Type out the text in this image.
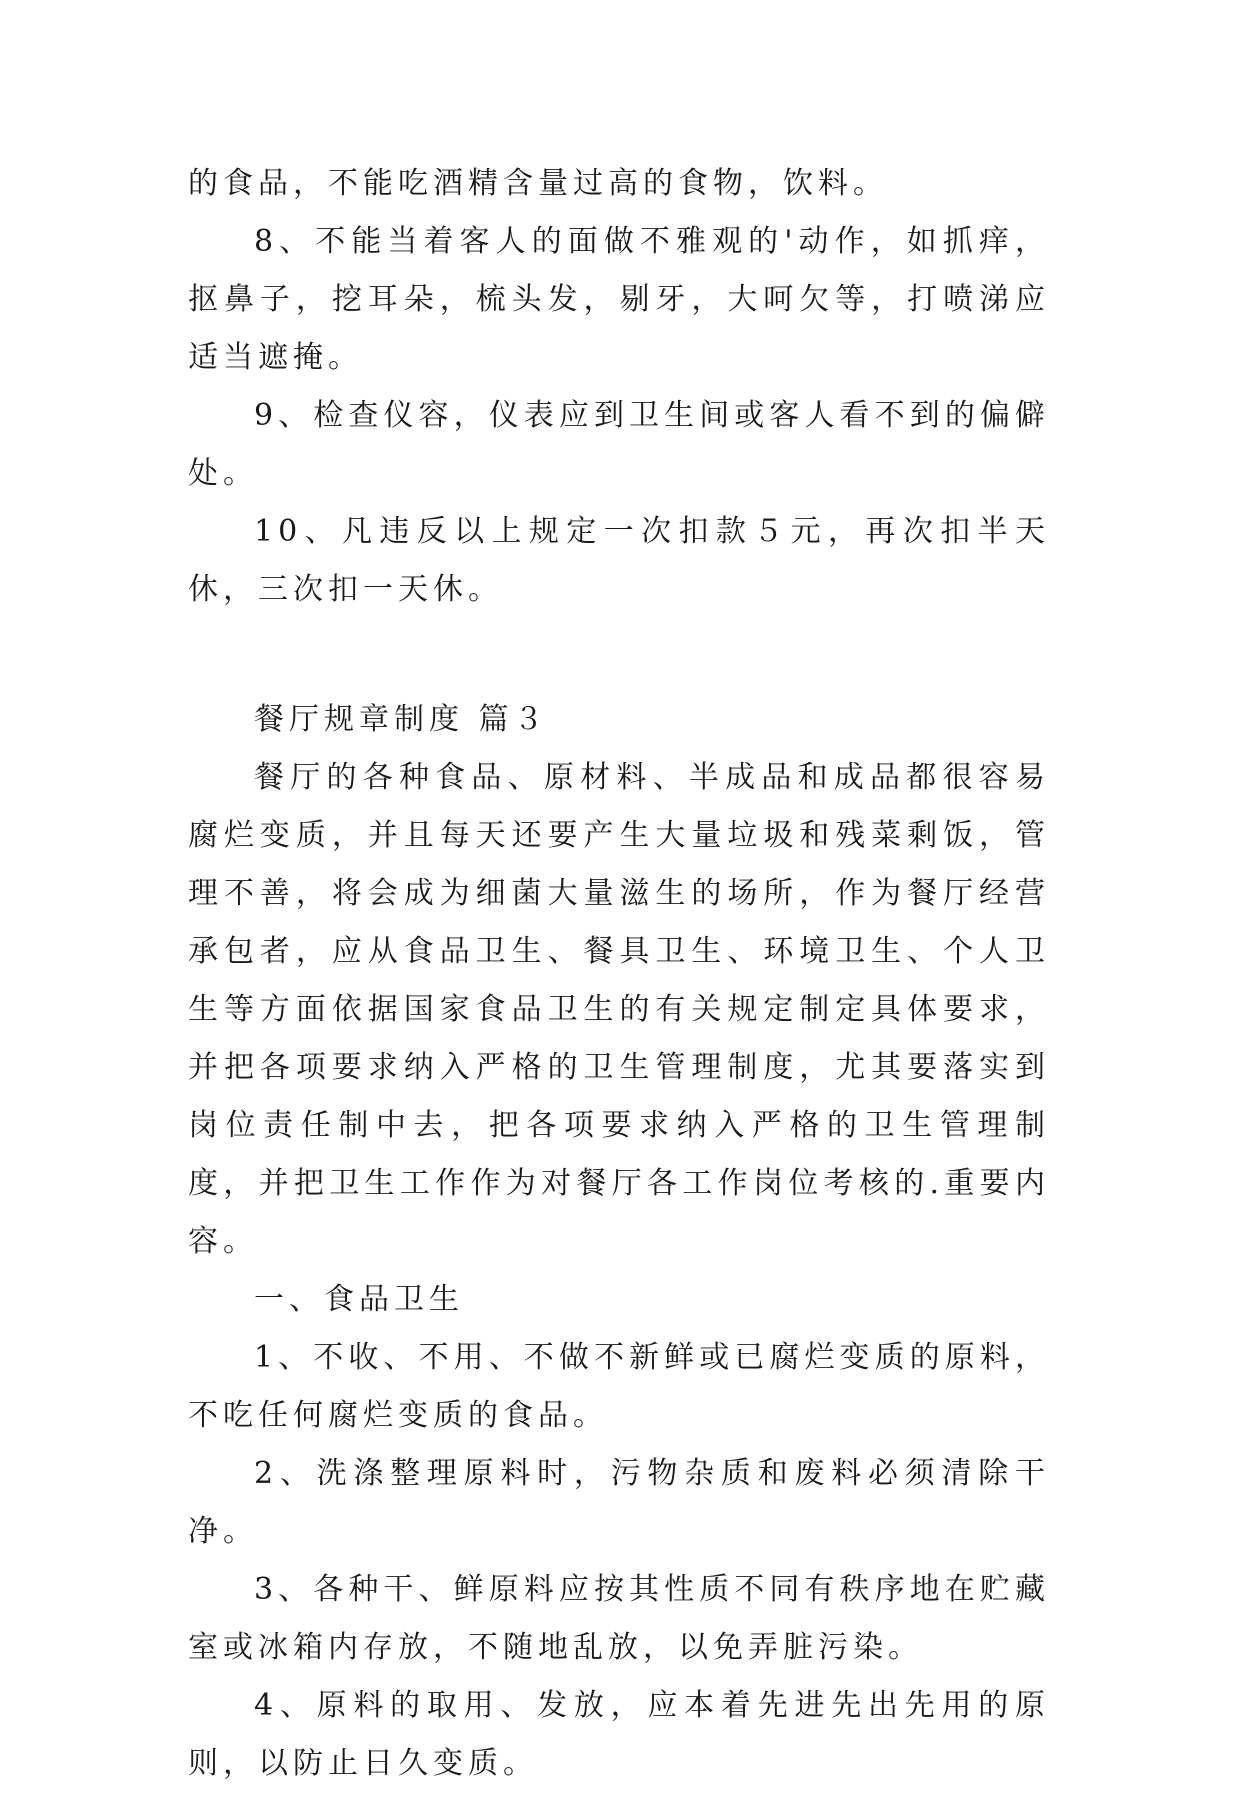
的食品，不能吃酒精含量过高的食物，饮料。

8、不能当着客人的面做不雅观的'动作，如抓痒，抠鼻子，挖耳朵，梳头发，剔牙，大呵欠等，打喷涕应适当遮掩。

9、检查仪容，仪表应到卫生间或客人看不到的偏僻处。

10、凡违反以上规定一次扣款５元，再次扣半天休，三次扣一天休。

餐厅规章制度 篇３

餐厅的各种食品、原材料、半成品和成品都很容易腐烂变质，并且每天还要产生大量垃圾和残菜剩饭，管理不善，将会成为细菌大量滋生的场所，作为餐厅经营承包者，应从食品卫生、餐具卫生、环境卫生、个人卫生等方面依据国家食品卫生的有关规定制定具体要求，并把各项要求纳入严格的卫生管理制度，尤其要落实到岗位责任制中去，把各项要求纳入严格的卫生管理制度，并把卫生工作作为对餐厅各工作岗位考核的.重要内容。

一、食品卫生

1、不收、不用、不做不新鲜或已腐烂变质的原料，不吃任何腐烂变质的食品。

2、洗涤整理原料时，污物杂质和废料必须清除干净。

3、各种干、鲜原料应按其性质不同有秩序地在贮藏室或冰箱内存放，不随地乱放，以免弄脏污染。

4、原料的取用、发放，应本着先进先出先用的原则，以防止日久变质。
